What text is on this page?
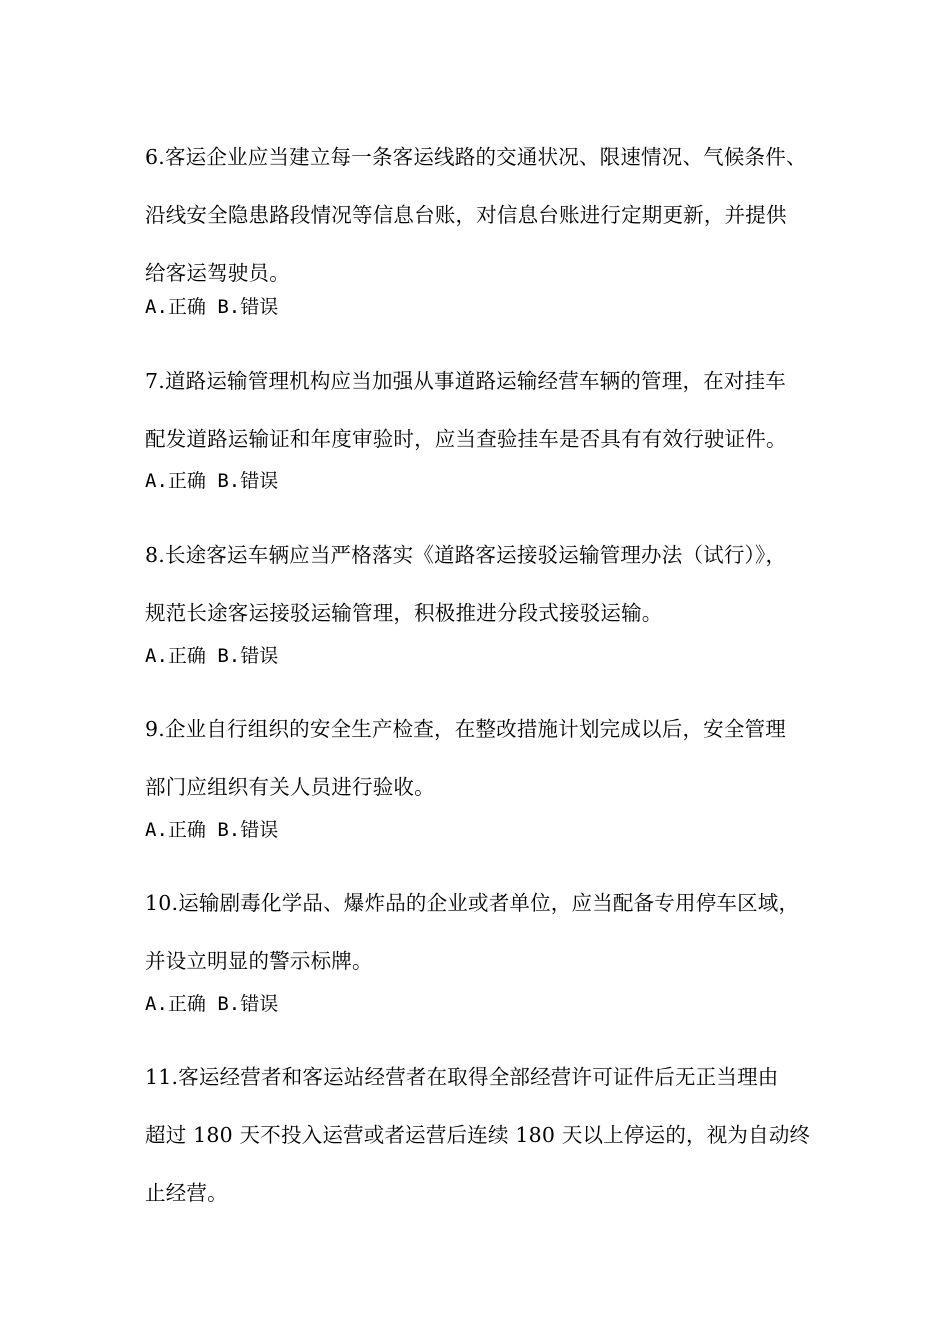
6.客运企业应当建立每一条客运线路的交通状况、限速情况、气候条件、

沿线安全隐患路段情况等信息台账，对信息台账进行定期更新，并提供

给客运驾驶员。

A.正确 B.错误

7.道路运输管理机构应当加强从事道路运输经营车辆的管理，在对挂车

配发道路运输证和年度审验时，应当查验挂车是否具有有效行驶证件。

A.正确 B.错误

8.长途客运车辆应当严格落实《道路客运接驳运输管理办法（试行）》，

规范长途客运接驳运输管理，积极推进分段式接驳运输。

A.正确 B.错误

9.企业自行组织的安全生产检查，在整改措施计划完成以后，安全管理

部门应组织有关人员进行验收。

A.正确 B.错误

10.运输剧毒化学品、爆炸品的企业或者单位，应当配备专用停车区域，

并设立明显的警示标牌。

A.正确 B.错误

11.客运经营者和客运站经营者在取得全部经营许可证件后无正当理由

超过 180 天不投入运营或者运营后连续 180 天以上停运的，视为自动终

止经营。
